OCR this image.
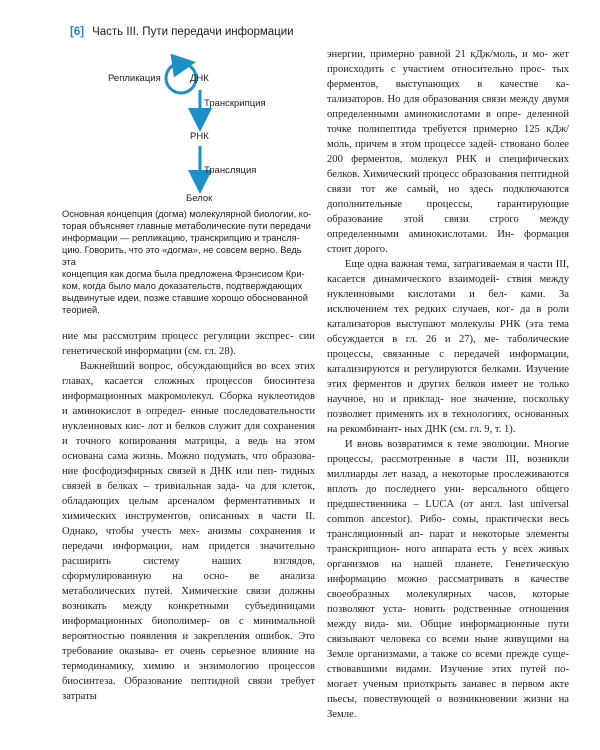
[6] Часть III. Пути передачи информации
Репликация	ДНК
Транскрипция
РНК
Трансляция
Белок
Основная концепция (догма) молекулярной биологии, ко-
торая объясняет главные метаболические пути передачи
информации — репликацию, транскрипцию и трансля-
цию. Говорить, что это «догма», не совсем верно. Ведь эта
концепция как догма была предложена Фрэнсисом Кри-
ком, когда было мало доказательств, подтверждающих
выдвинутые идеи, позже ставшие хорошо обоснованной
теорией.

ние мы рассмотрим процесс регуляции экспрес- сии генетической информации (см. гл. 28).

Важнейший вопрос, обсуждающийся во всех этих главах, касается сложных процессов биосинтеза информационных макромолекул. Сборка нуклеотидов и аминокислот в определ- енные последовательности нуклеиновых кис- лот и белков служит для сохранения и точного копирования матрицы, а ведь на этом основана сама жизнь. Можно подумать, что образова- ние фосфодиэфирных связей в ДНК или пеп- тидных связей в белках – тривиальная зада- ча для клеток, обладающих целым арсеналом ферментативных и химических инструментов, описанных в части II. Однако, чтобы учесть мех- анизмы сохранения и передачи информации, нам придется значительно расширить систему	наших взглядов, сформулированную на осно- ве анализа метаболических путей. Химические связи должны возникать между конкретными субъединицами информационных биополимер- ов с минимальной вероятностью появления и закрепления ошибок. Это требование оказыва- ет очень серьезное влияние на термодинамику, химию и энзимологию процессов биосинтеза. Образование пептидной связи требует затраты

энергии, примерно равной 21 кДж/моль, и мо- жет происходить с участием относительно прос- тых ферментов, выступающих в качестве ка- тализаторов. Но для образования связи между двумя определенными аминокислотами в опре- деленной точке полипептида требуется примерно 125 кДж/моль, причем в этом процессе задей- ствовано более 200 ферментов, молекул РНК и специфических белков. Химический процесс образования пептидной связи тот же самый, но здесь подключаются дополнительные процессы, гарантирующие образование этой связи строго между определенными аминокислотами. Ин- формация стоит дорого.

Еще одна важная тема, затрагиваемая в части III, касается динамического взаимодей- ствия между нуклеиновыми кислотами и бел- ками. За исключением тех редких случаев, ког- да в роли катализаторов выступают молекулы РНК (эта тема обсуждается в гл. 26 и 27), ме- таболические процессы, связанные с передачей информации, катализируются и регулируются белками. Изучение этих ферментов и других белков имеет не только научное, но и приклад- ное значение, поскольку позволяет применять их в технологиях, основанных на рекомбинант- ных ДНК (см. гл. 9, т. 1).

И вновь возвратимся к теме эволюции. Многие процессы, рассмотренные в части III, возникли миллиарды лет назад, а некоторые прослеживаются вплоть до последнего уни- версального общего предшественника – LUCA (от англ. last universal common ancestor). Рибо- сомы, практически весь трансляционный ап- парат и некоторые элементы транскрипцион- ного аппарата есть у всех живых организмов на нашей планете. Генетическую информацию можно рассматривать в качестве своеобразных молекулярных часов, которые позволяют уста- новить родственные отношения между вида- ми. Общие информационные пути связывают человека со всеми ныне живущими на Земле организмами, а также со всеми прежде суще- ствовавшими видами. Изучение этих путей по- могает ученым приоткрыть занавес в первом акте пьесы, повествующей о возникновении жизни на Земле.
